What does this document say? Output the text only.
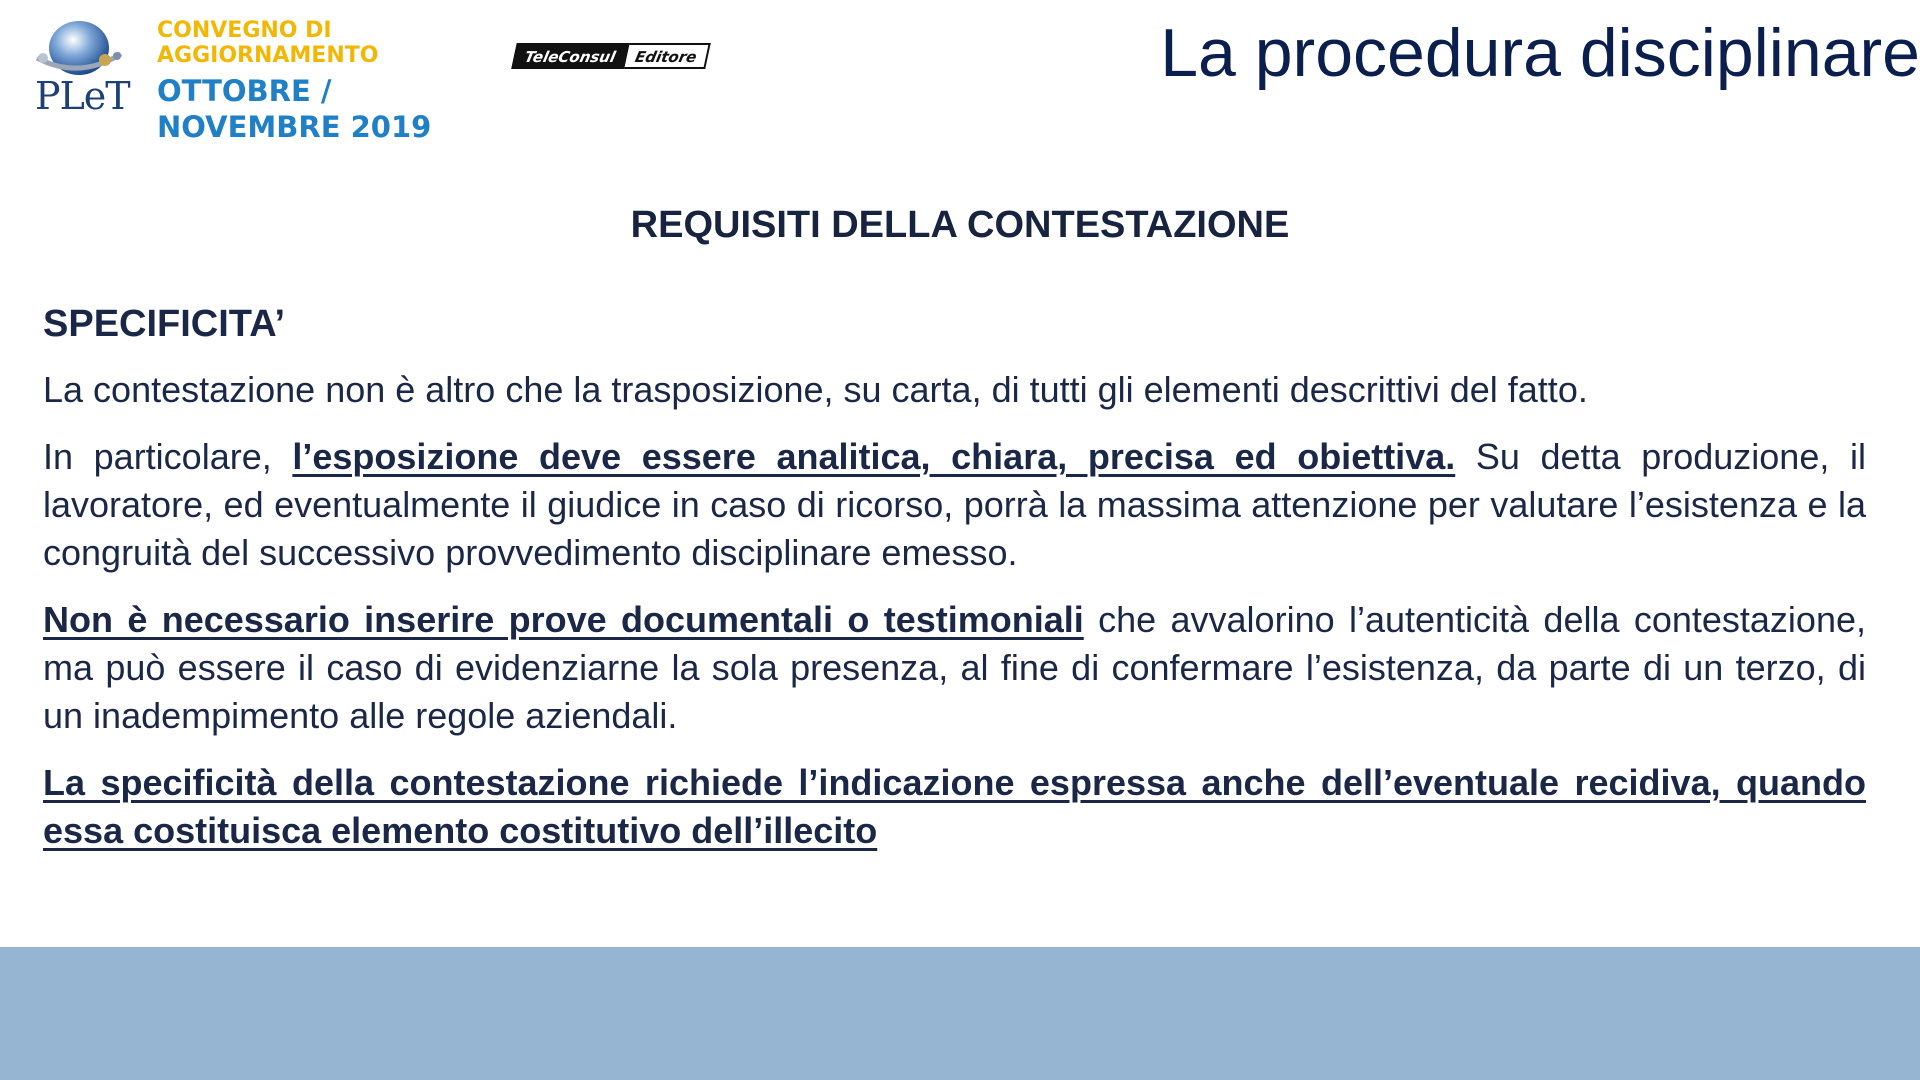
PLeT
CONVEGNO DI
AGGIORNAMENTO
OTTOBRE /
NOVEMBRE 2019
TeleConsul	Editore	La procedura disciplinare
REQUISITI DELLA CONTESTAZIONE
SPECIFICITA’

La contestazione non è altro che la trasposizione, su carta, di tutti gli elementi descrittivi del fatto.

In particolare, l’esposizione deve essere analitica, chiara, precisa ed obiettiva. Su detta produzione, il lavoratore, ed eventualmente il giudice in caso di ricorso, porrà la massima attenzione per valutare l’esistenza e la congruità del successivo provvedimento disciplinare emesso.

Non è necessario inserire prove documentali o testimoniali che avvalorino l’autenticità della contestazione, ma può essere il caso di evidenziarne la sola presenza, al fine di confermare l’esistenza, da parte di un terzo, di un inadempimento alle regole aziendali.

La specificità della contestazione richiede l’indicazione espressa anche dell’eventuale recidiva, quando essa costituisca elemento costitutivo dell’illecito
